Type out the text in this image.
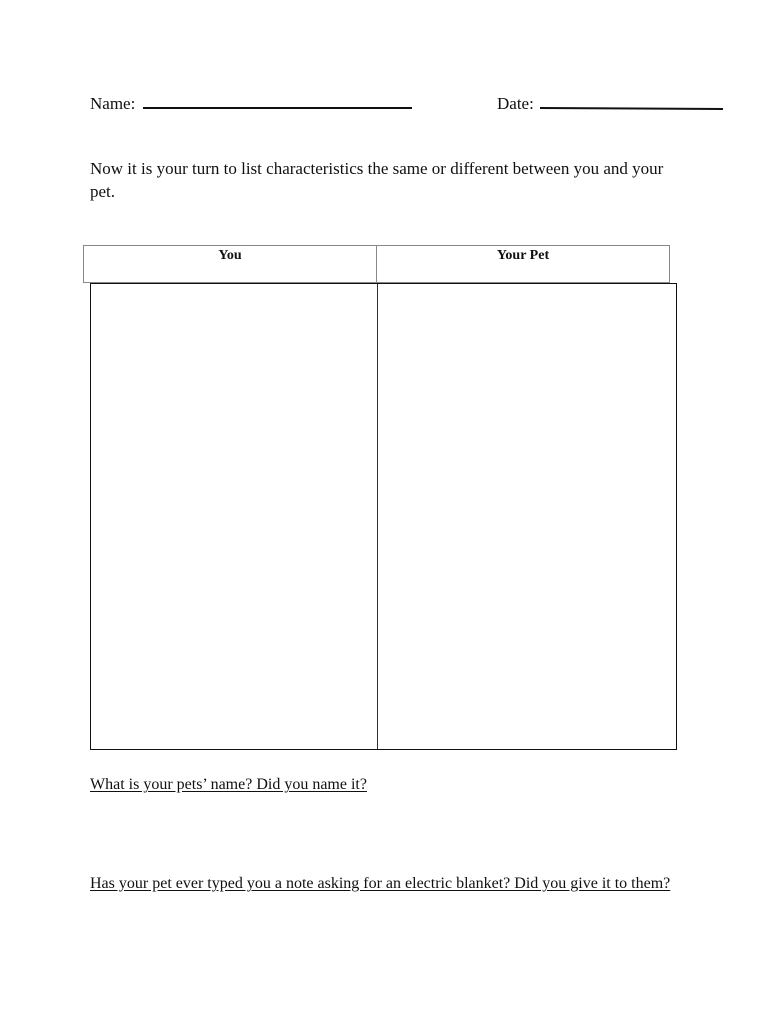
Name:	Date:
Now it is your turn to list characteristics the same or different between you and your pet.
You	Your Pet
What is your pets’ name? Did you name it?
Has your pet ever typed you a note asking for an electric blanket? Did you give it to them?
